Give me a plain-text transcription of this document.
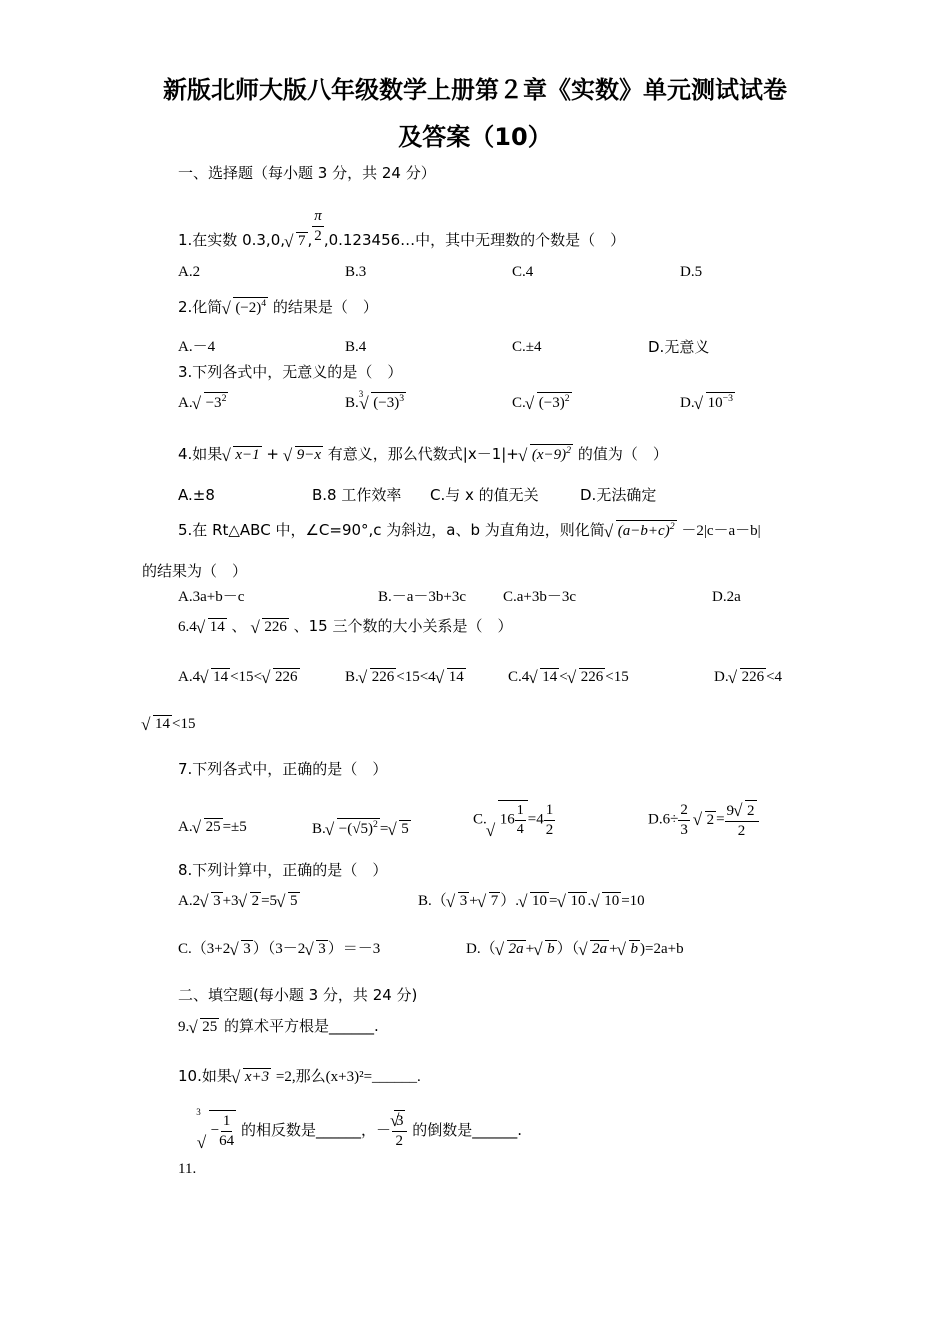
新版北师大版八年级数学上册第２章《实数》单元测试试卷
及答案（10）
一、选择题（每小题 3 分，共 24 分）
1.在实数 0.3,0,√ 7 , $\frac{\pi}{2}$ ,0.123456…中，其中无理数的个数是（　）
A.2	B.3	C.4	D.5
2.化简√ $(-2)^4$ 的结果是（　）
A.－4	B.4	C.±4	D.无意义
3.下列各式中，无意义的是（　）
$A.√ -3^2$	B.$^3$√ $(-3)^3$	C.√ $(-3)^2$	D.√ $10^{-3}$
4.如果√ x−1 + √ 9−x 有意义，那么代数式|x－1|+√ $(x-9)^2$ 的值为（　）
A.±8	B.8 工作效率 C.与 x 的值无关	D.无法确定
5.在 Rt△ABC 中，∠C=90°,c 为斜边，a、b 为直角边，则化简√ $(a-b+c)^2 -2|c-a-b|$
的结果为（　）
A.3a+b－c	B.－a－3b+3c C.a+3b－3c	D.2a
6.4√ 14 、 √ 226 、15 三个数的大小关系是（　）
A.4√ 14 <15<√ 226	B.√ 226 <15<4√ 14	C.4√ 14 <√ 226 <15	D.√ 226 <4
√ 14 <15
7.下列各式中，正确的是（　）
A.√ 25 =±5	$B.√ -(√5)^2$ =√ 5
C.√ $16 \frac{1}{4} =4 \frac{1}{2}$	$D.6\div \frac{2}{3}$
√ $2 = \frac{9√ 2}{2}$
8.下列计算中，正确的是（　）
A.2√ 3 +3√ 2 =5√ 5	B.（√ 3 +√ 7 ）.√ 10 =√ 10 .√ 10 =10
C.（3+2√ 3 ）（3－2√ 3 ）＝－3	D.（√ 2a +√ b ）（√ 2a +√ b )=2a+b
二、填空题(每小题 3 分，共 24 分)
9.√ 25 的算术平方根是______.
10.如果√ x+3 =2,那么(x+3)²=______.
$11.^3√ - \frac{1}{64}$ 的相反数是______，－
√ $\frac{3}{2}$ 的倒数是______.
